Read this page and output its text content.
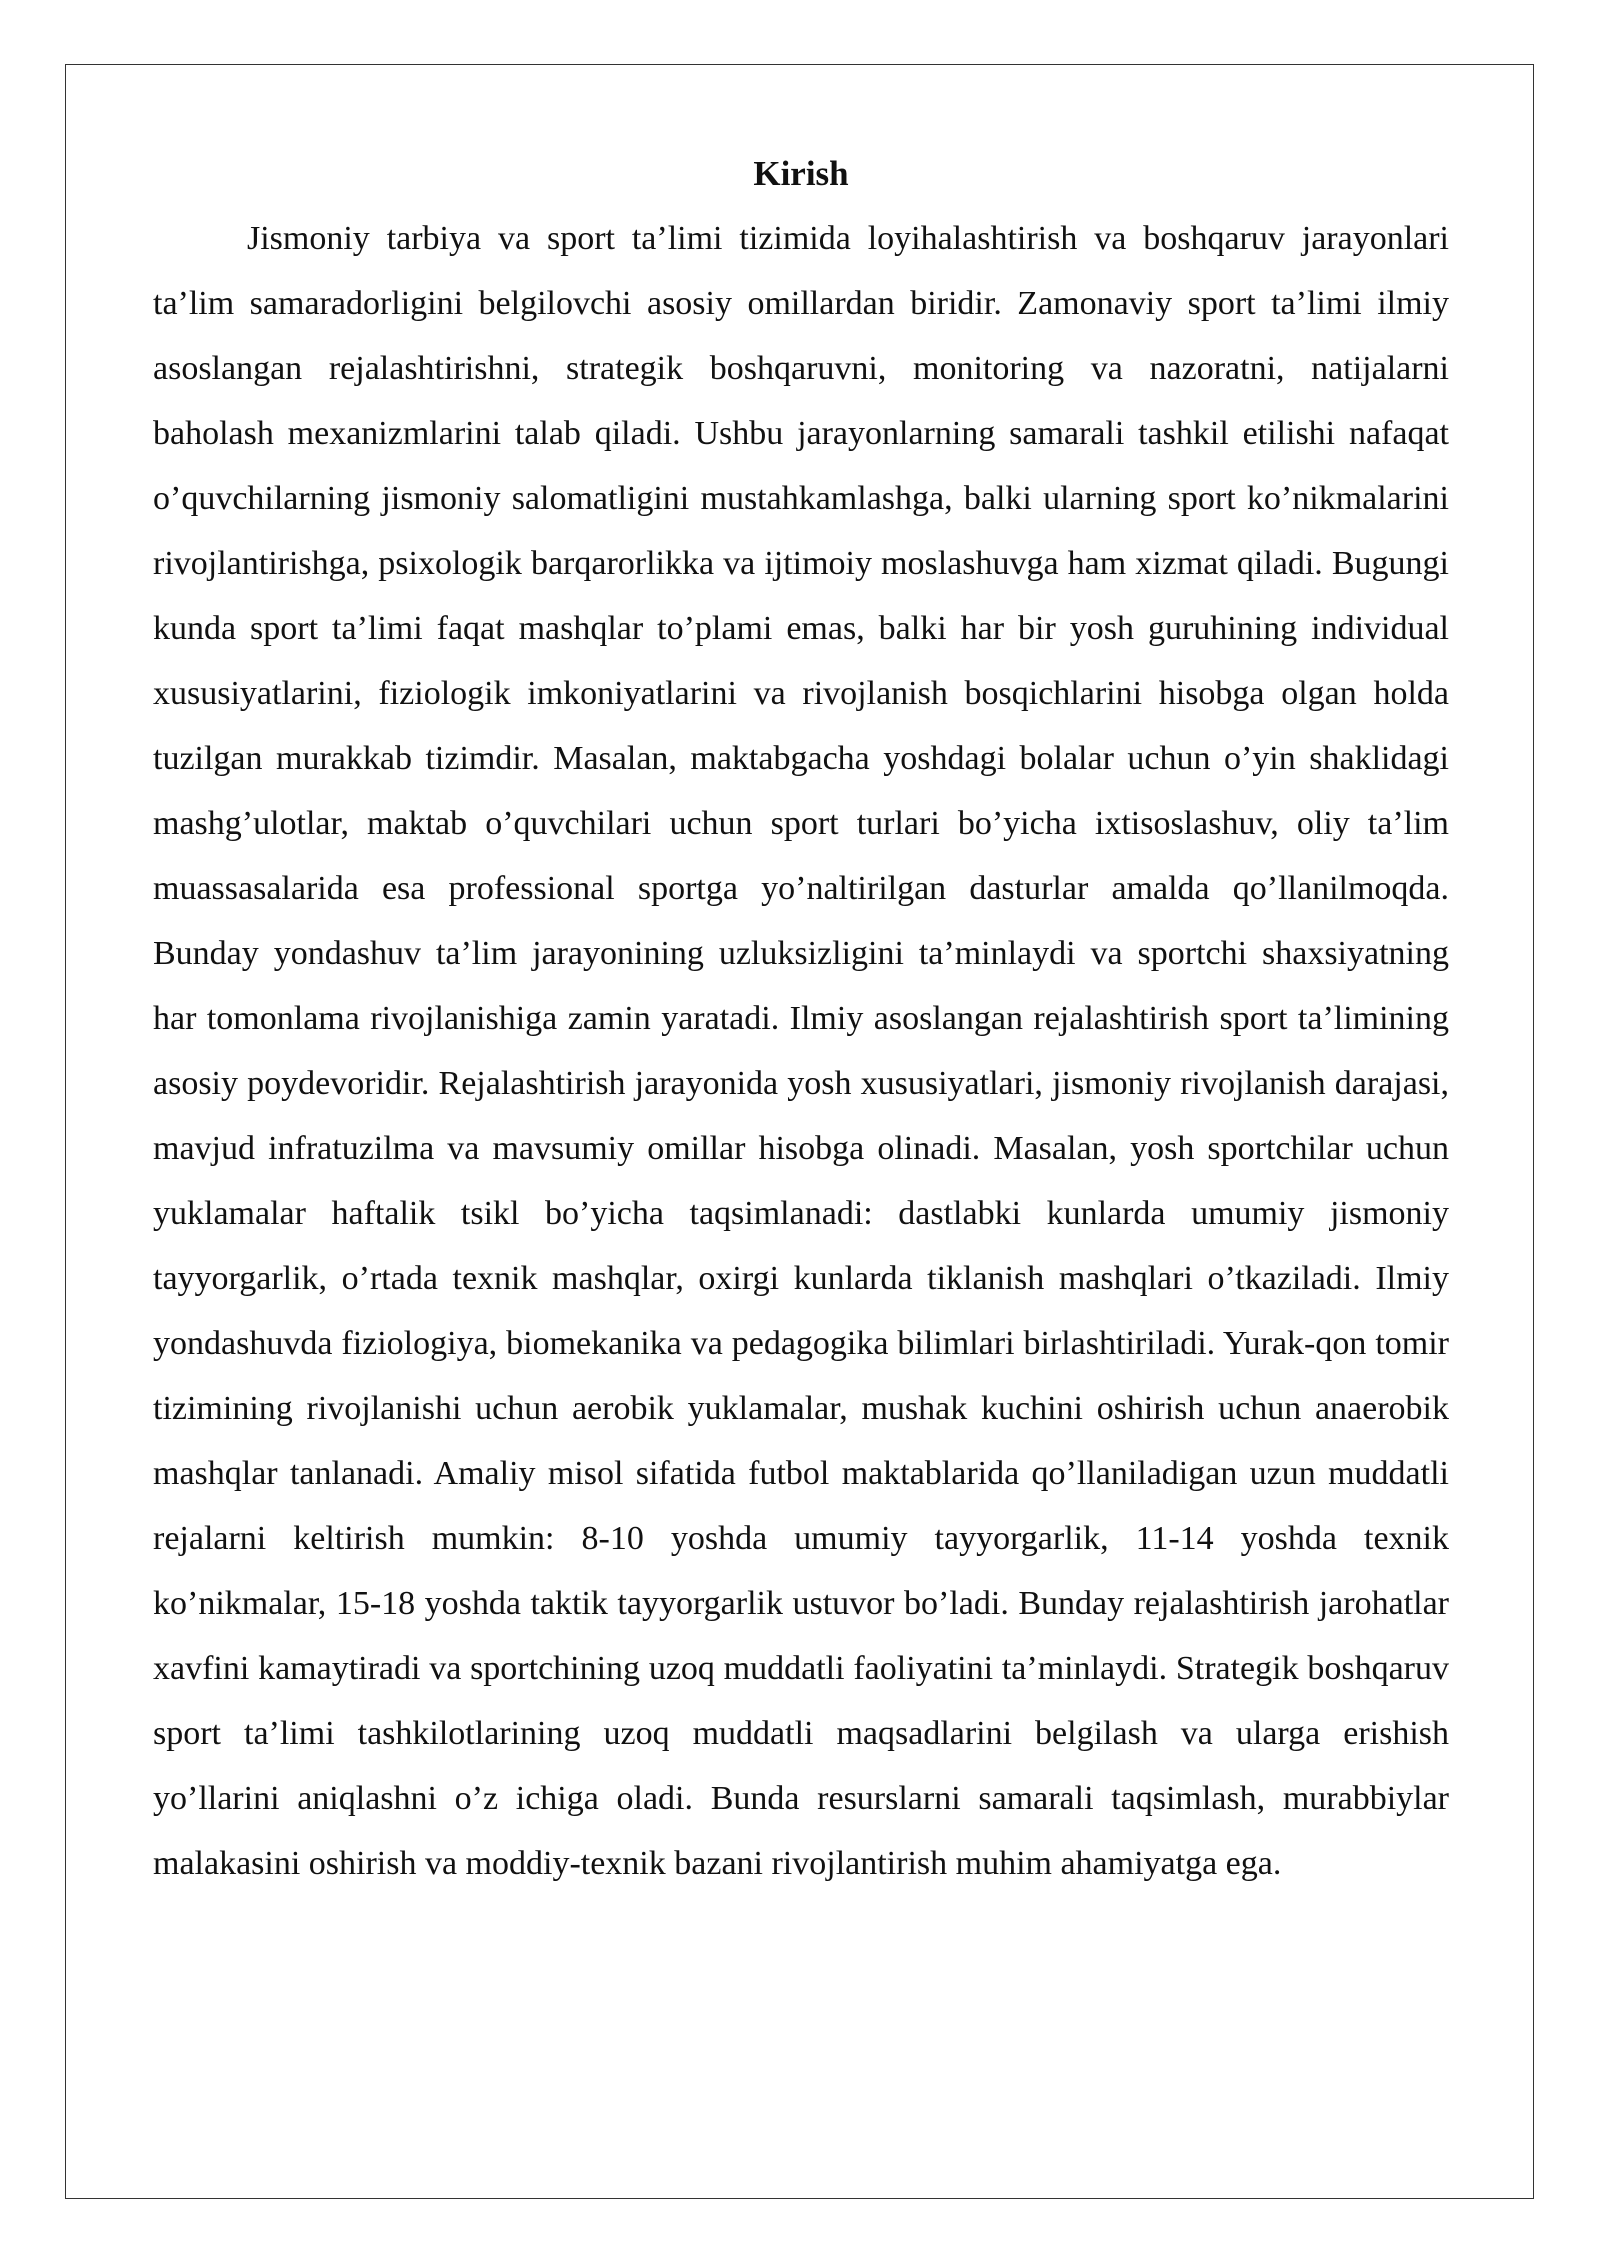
Kirish

Jismoniy tarbiya va sport ta’limi tizimida loyihalashtirish va boshqaruv jarayonlari ta’lim samaradorligini belgilovchi asosiy omillardan biridir. Zamonaviy sport ta’limi ilmiy asoslangan rejalashtirishni, strategik boshqaruvni, monitoring va nazoratni, natijalarni baholash mexanizmlarini talab qiladi. Ushbu jarayonlarning samarali tashkil etilishi nafaqat o’quvchilarning jismoniy salomatligini mustahkamlashga, balki ularning sport ko’nikmalarini rivojlantirishga, psixologik barqarorlikka va ijtimoiy moslashuvga ham xizmat qiladi. Bugungi kunda sport ta’limi faqat mashqlar to’plami emas, balki har bir yosh guruhining individual xususiyatlarini, fiziologik imkoniyatlarini va rivojlanish bosqichlarini hisobga olgan holda tuzilgan murakkab tizimdir. Masalan, maktabgacha yoshdagi bolalar uchun o’yin shaklidagi mashg’ulotlar, maktab o’quvchilari uchun sport turlari bo’yicha ixtisoslashuv, oliy ta’lim muassasalarida esa professional sportga yo’naltirilgan dasturlar amalda qo’llanilmoqda. Bunday yondashuv ta’lim jarayonining uzluksizligini ta’minlaydi va sportchi shaxsiyatning har tomonlama rivojlanishiga zamin yaratadi. Ilmiy asoslangan rejalashtirish sport ta’limining asosiy poydevoridir. Rejalashtirish jarayonida yosh xususiyatlari, jismoniy rivojlanish darajasi, mavjud infratuzilma va mavsumiy omillar hisobga olinadi. Masalan, yosh sportchilar uchun yuklamalar haftalik tsikl bo’yicha taqsimlanadi: dastlabki kunlarda umumiy jismoniy tayyorgarlik, o’rtada texnik mashqlar, oxirgi kunlarda tiklanish mashqlari o’tkaziladi. Ilmiy yondashuvda fiziologiya, biomekanika va pedagogika bilimlari birlashtiriladi. Yurak-qon tomir tizimining rivojlanishi uchun aerobik yuklamalar, mushak kuchini oshirish uchun anaerobik mashqlar tanlanadi. Amaliy misol sifatida futbol maktablarida qo’llaniladigan uzun muddatli rejalarni keltirish mumkin: 8-10 yoshda umumiy tayyorgarlik, 11-14 yoshda texnik ko’nikmalar, 15-18 yoshda taktik tayyorgarlik ustuvor bo’ladi. Bunday rejalashtirish jarohatlar xavfini kamaytiradi va sportchining uzoq muddatli faoliyatini ta’minlaydi. Strategik boshqaruv sport ta’limi tashkilotlarining uzoq muddatli maqsadlarini belgilash va ularga erishish yo’llarini aniqlashni o’z ichiga oladi. Bunda resurslarni samarali taqsimlash, murabbiylar malakasini oshirish va moddiy-texnik bazani rivojlantirish muhim ahamiyatga ega.
